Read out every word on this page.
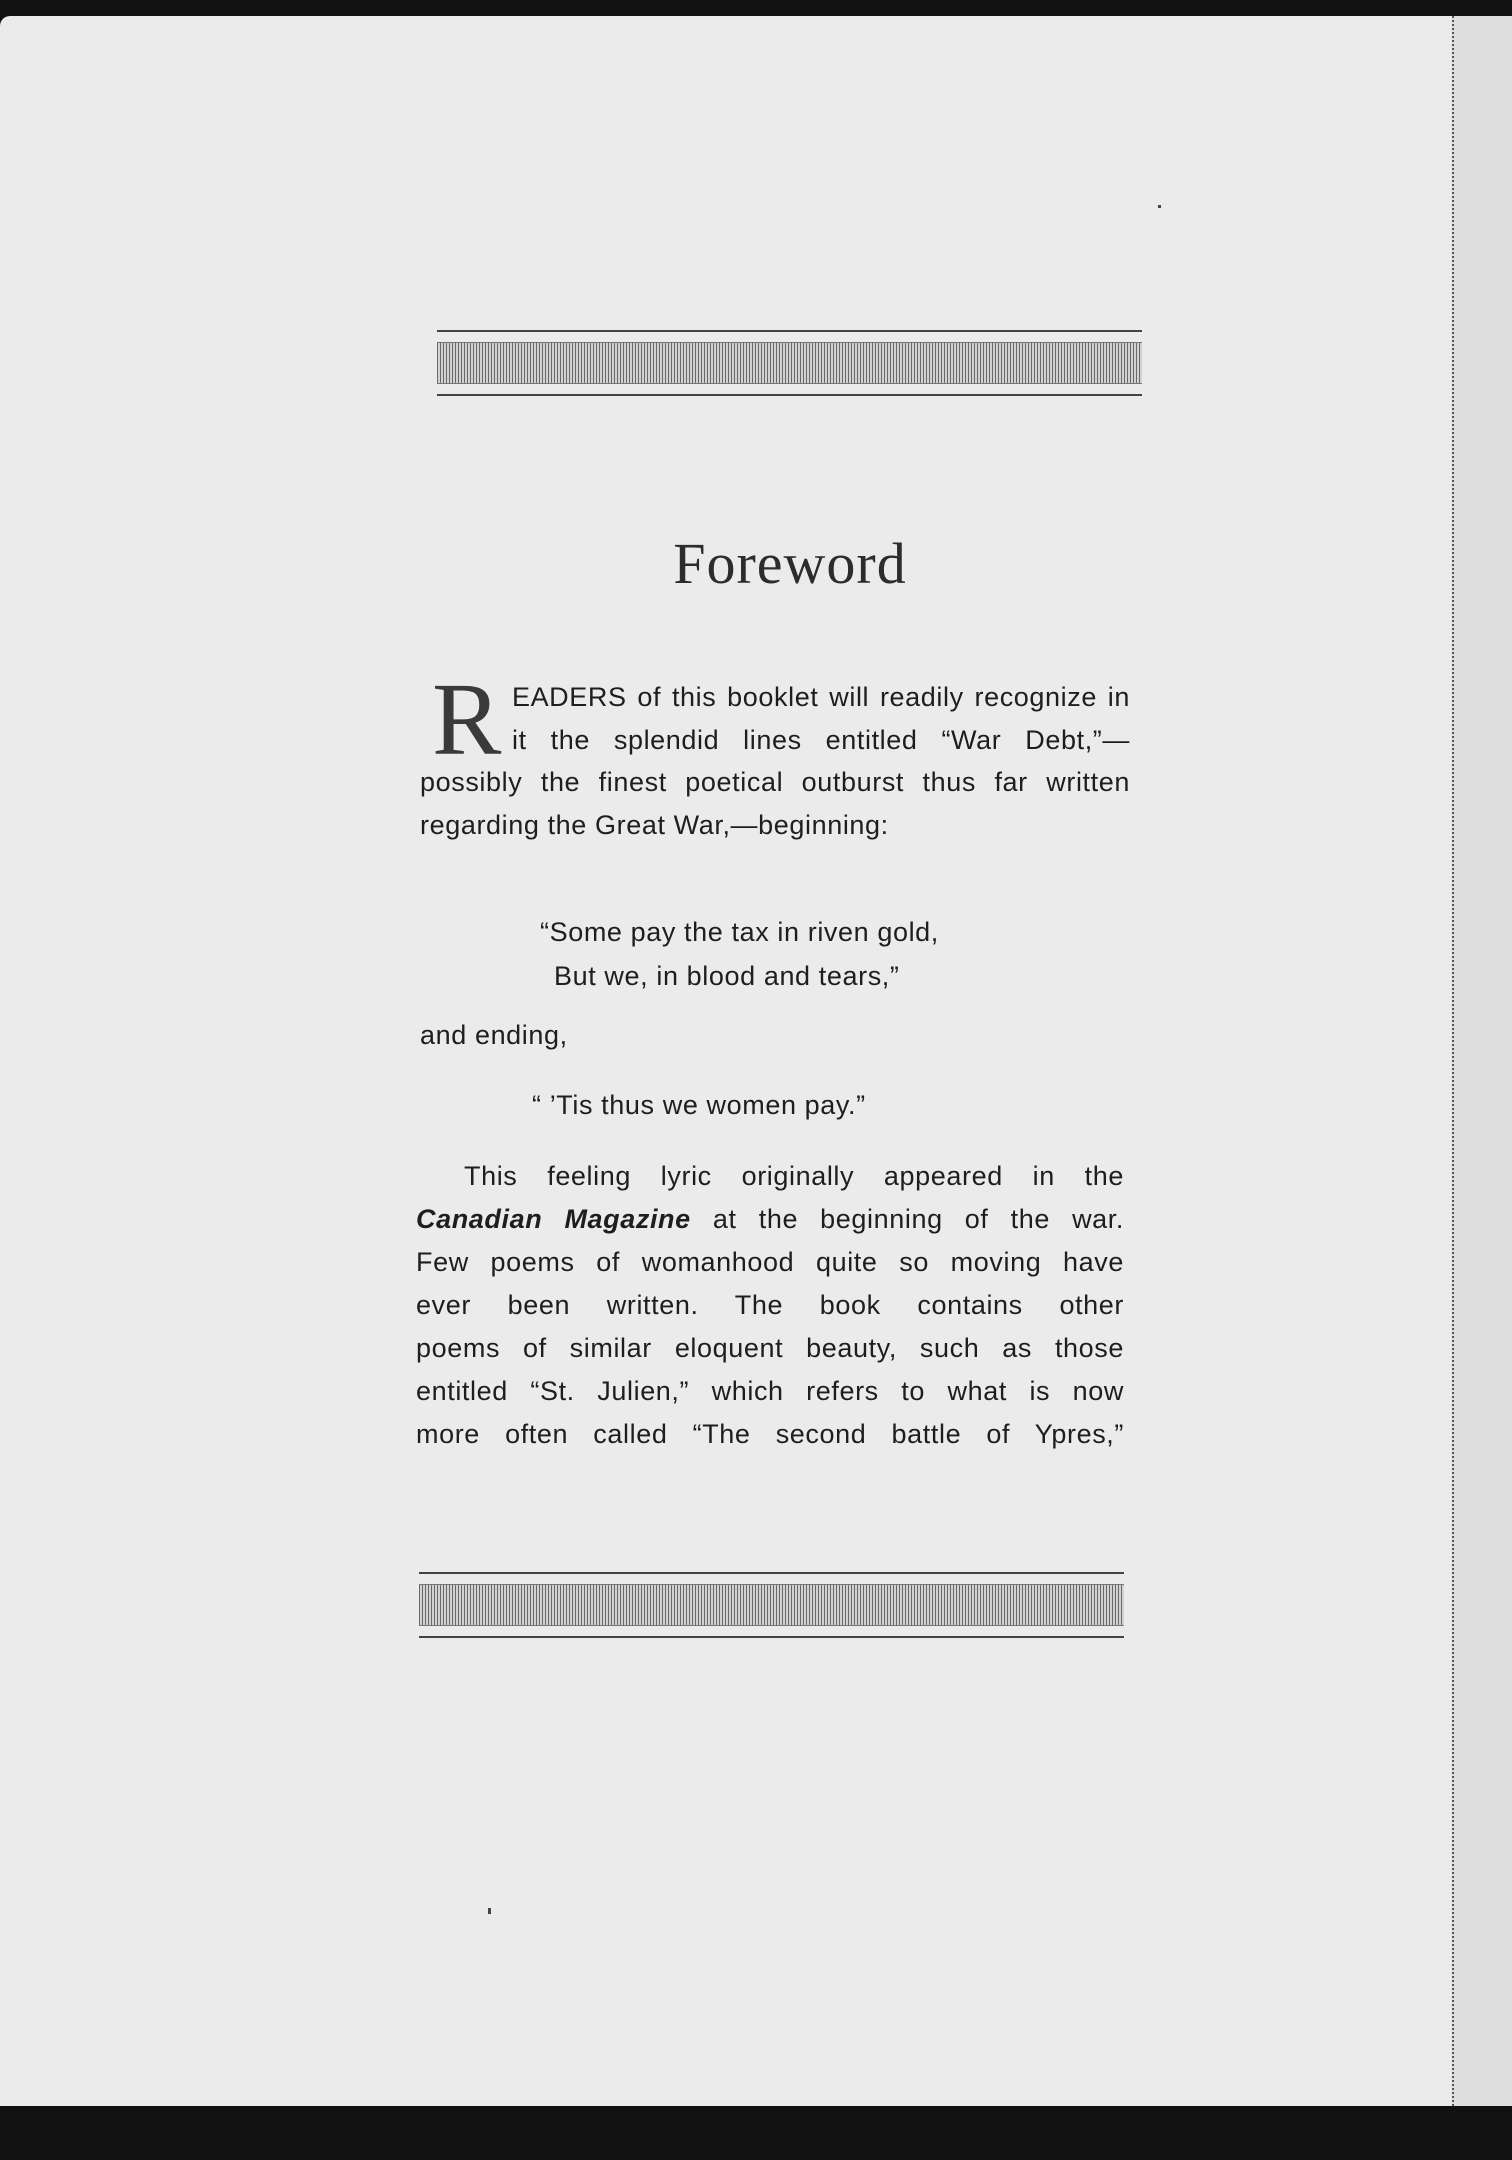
Foreword
READERS of this booklet will readily recognize in it the splendid lines entitled “War Debt,”—possibly the finest poetical outburst thus far written regarding the Great War,—beginning:
“Some pay the tax in riven gold,
But we, in blood and tears,”
and ending,
“ ’Tis thus we women pay.”
This feeling lyric originally appeared in the
Canadian Magazine at the beginning of the war.
Few poems of womanhood quite so moving have
ever been written. The book contains other
poems of similar eloquent beauty, such as those
entitled “St. Julien,” which refers to what is now
more often called “The second battle of Ypres,”
